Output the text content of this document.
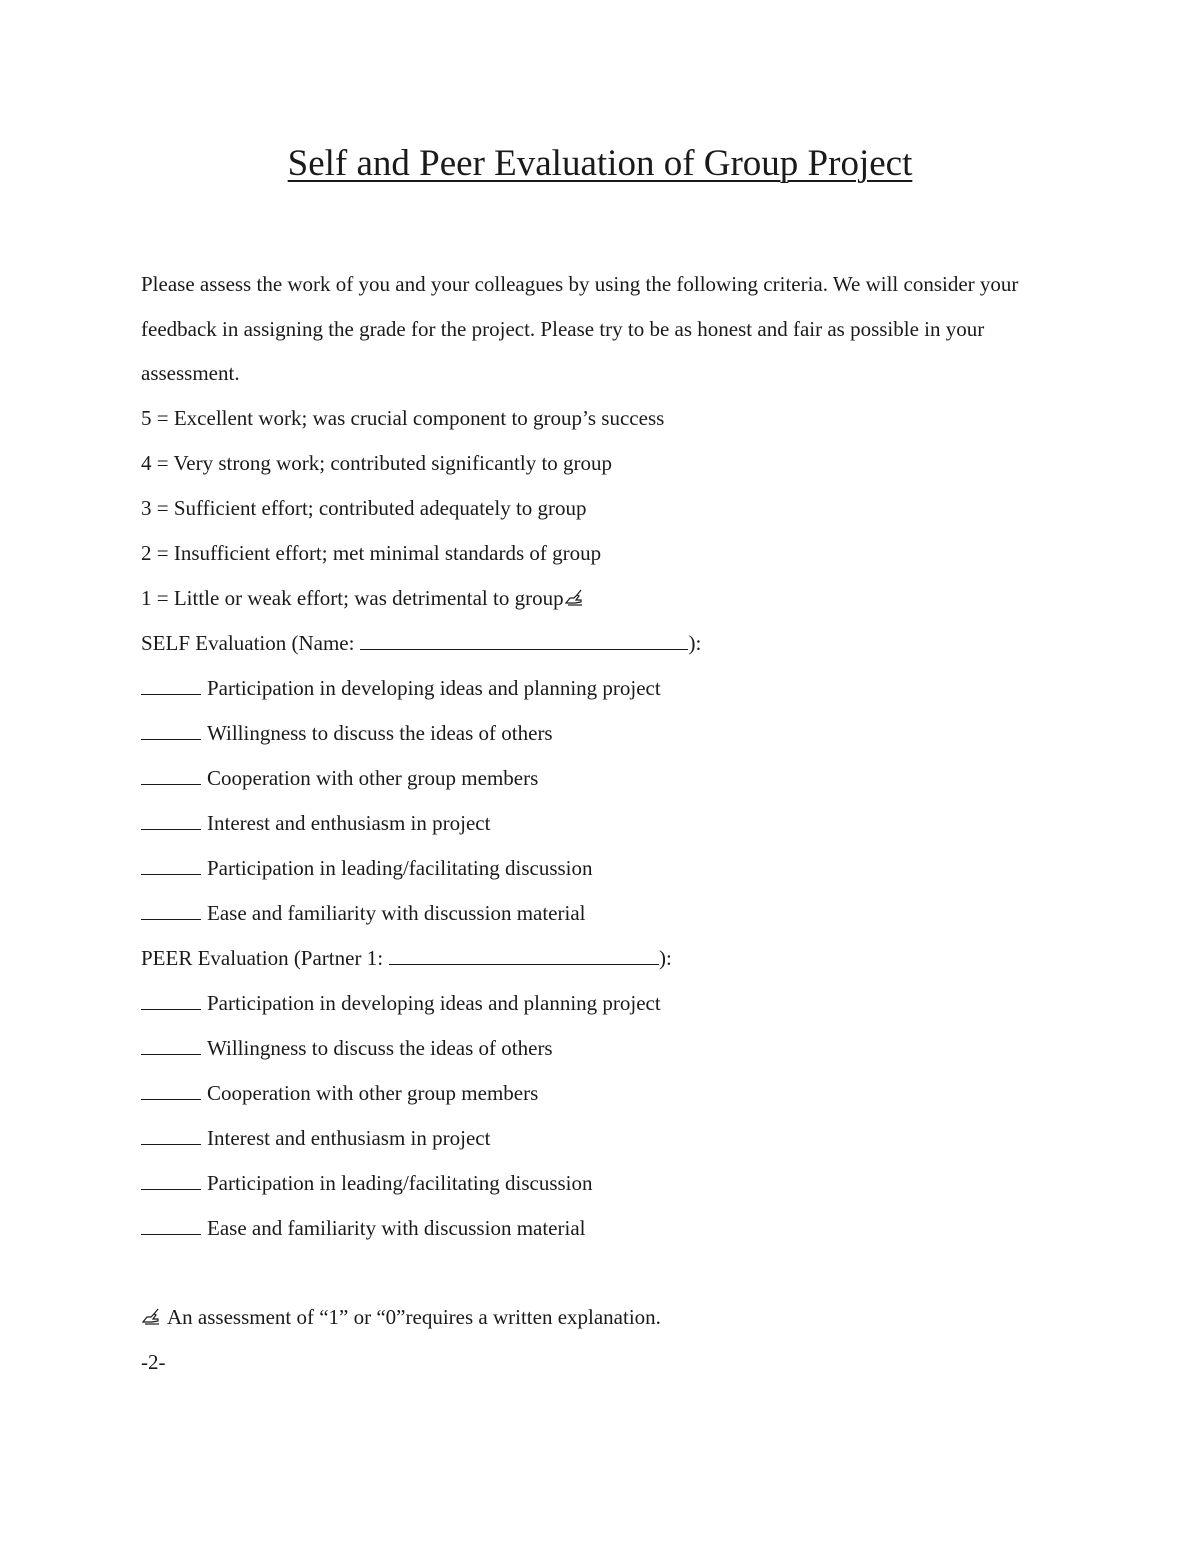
Self and Peer Evaluation of Group Project

Please assess the work of you and your colleagues by using the following criteria. We will consider your feedback in assigning the grade for the project. Please try to be as honest and fair as possible in your assessment.

5 = Excellent work; was crucial component to group’s success
4 = Very strong work; contributed significantly to group
3 = Sufficient effort; contributed adequately to group
2 = Insufficient effort; met minimal standards of group
1 = Little or weak effort; was detrimental to group
SELF Evaluation (Name:	):
Participation in developing ideas and planning project
Willingness to discuss the ideas of others
Cooperation with other group members
Interest and enthusiasm in project
Participation in leading/facilitating discussion
Ease and familiarity with discussion material
PEER Evaluation (Partner 1:	):
Participation in developing ideas and planning project
Willingness to discuss the ideas of others
Cooperation with other group members
Interest and enthusiasm in project
Participation in leading/facilitating discussion
Ease and familiarity with discussion material
An assessment of “1” or “0”requires a written explanation.
-2-
